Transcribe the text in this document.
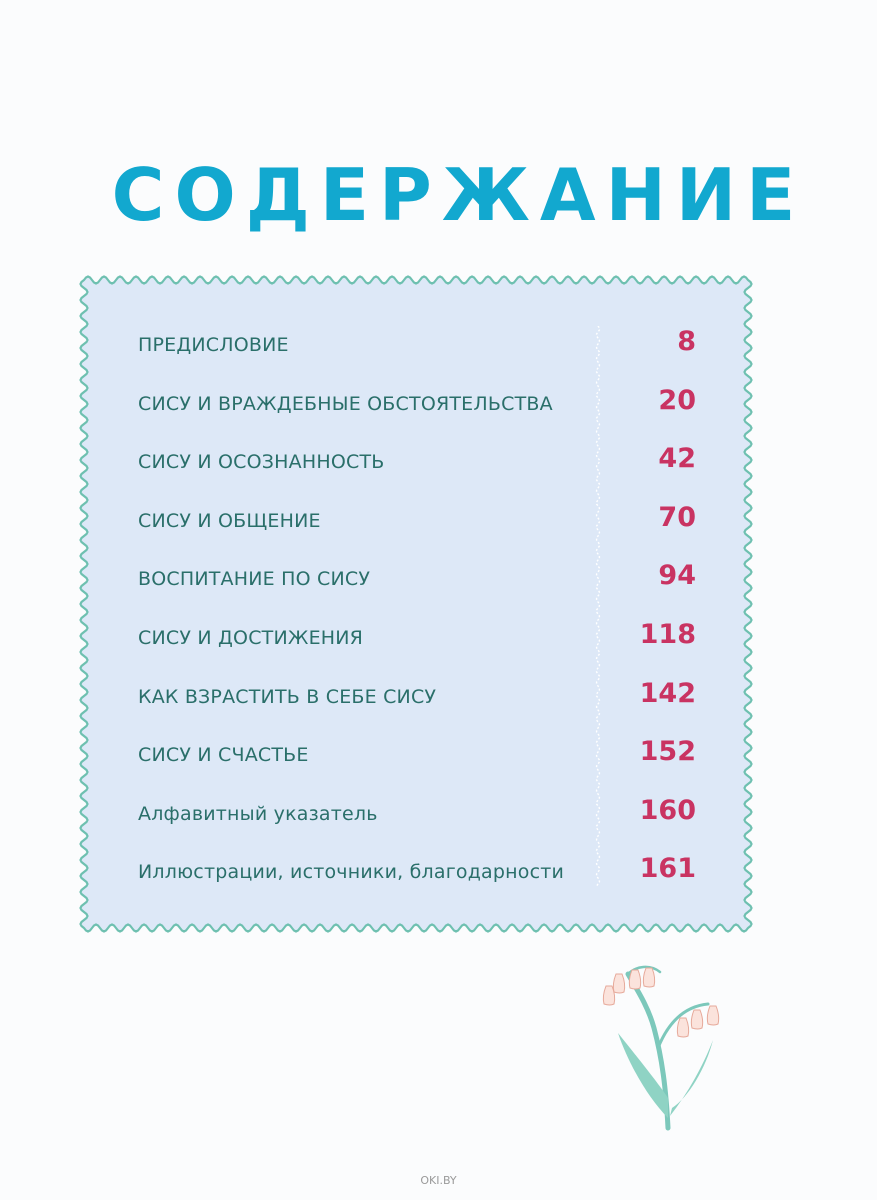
СОДЕРЖАНИЕ
ПРЕДИСЛОВИЕ	8
СИСУ И ВРАЖДЕБНЫЕ ОБСТОЯТЕЛЬСТВА	20
СИСУ И ОСОЗНАННОСТЬ	42
СИСУ И ОБЩЕНИЕ	70
ВОСПИТАНИЕ ПО СИСУ	94
СИСУ И ДОСТИЖЕНИЯ	118
КАК ВЗРАСТИТЬ В СЕБЕ СИСУ	142
СИСУ И СЧАСТЬЕ	152
Алфавитный указатель	160
Иллюстрации, источники, благодарности	161
OKI.BY
